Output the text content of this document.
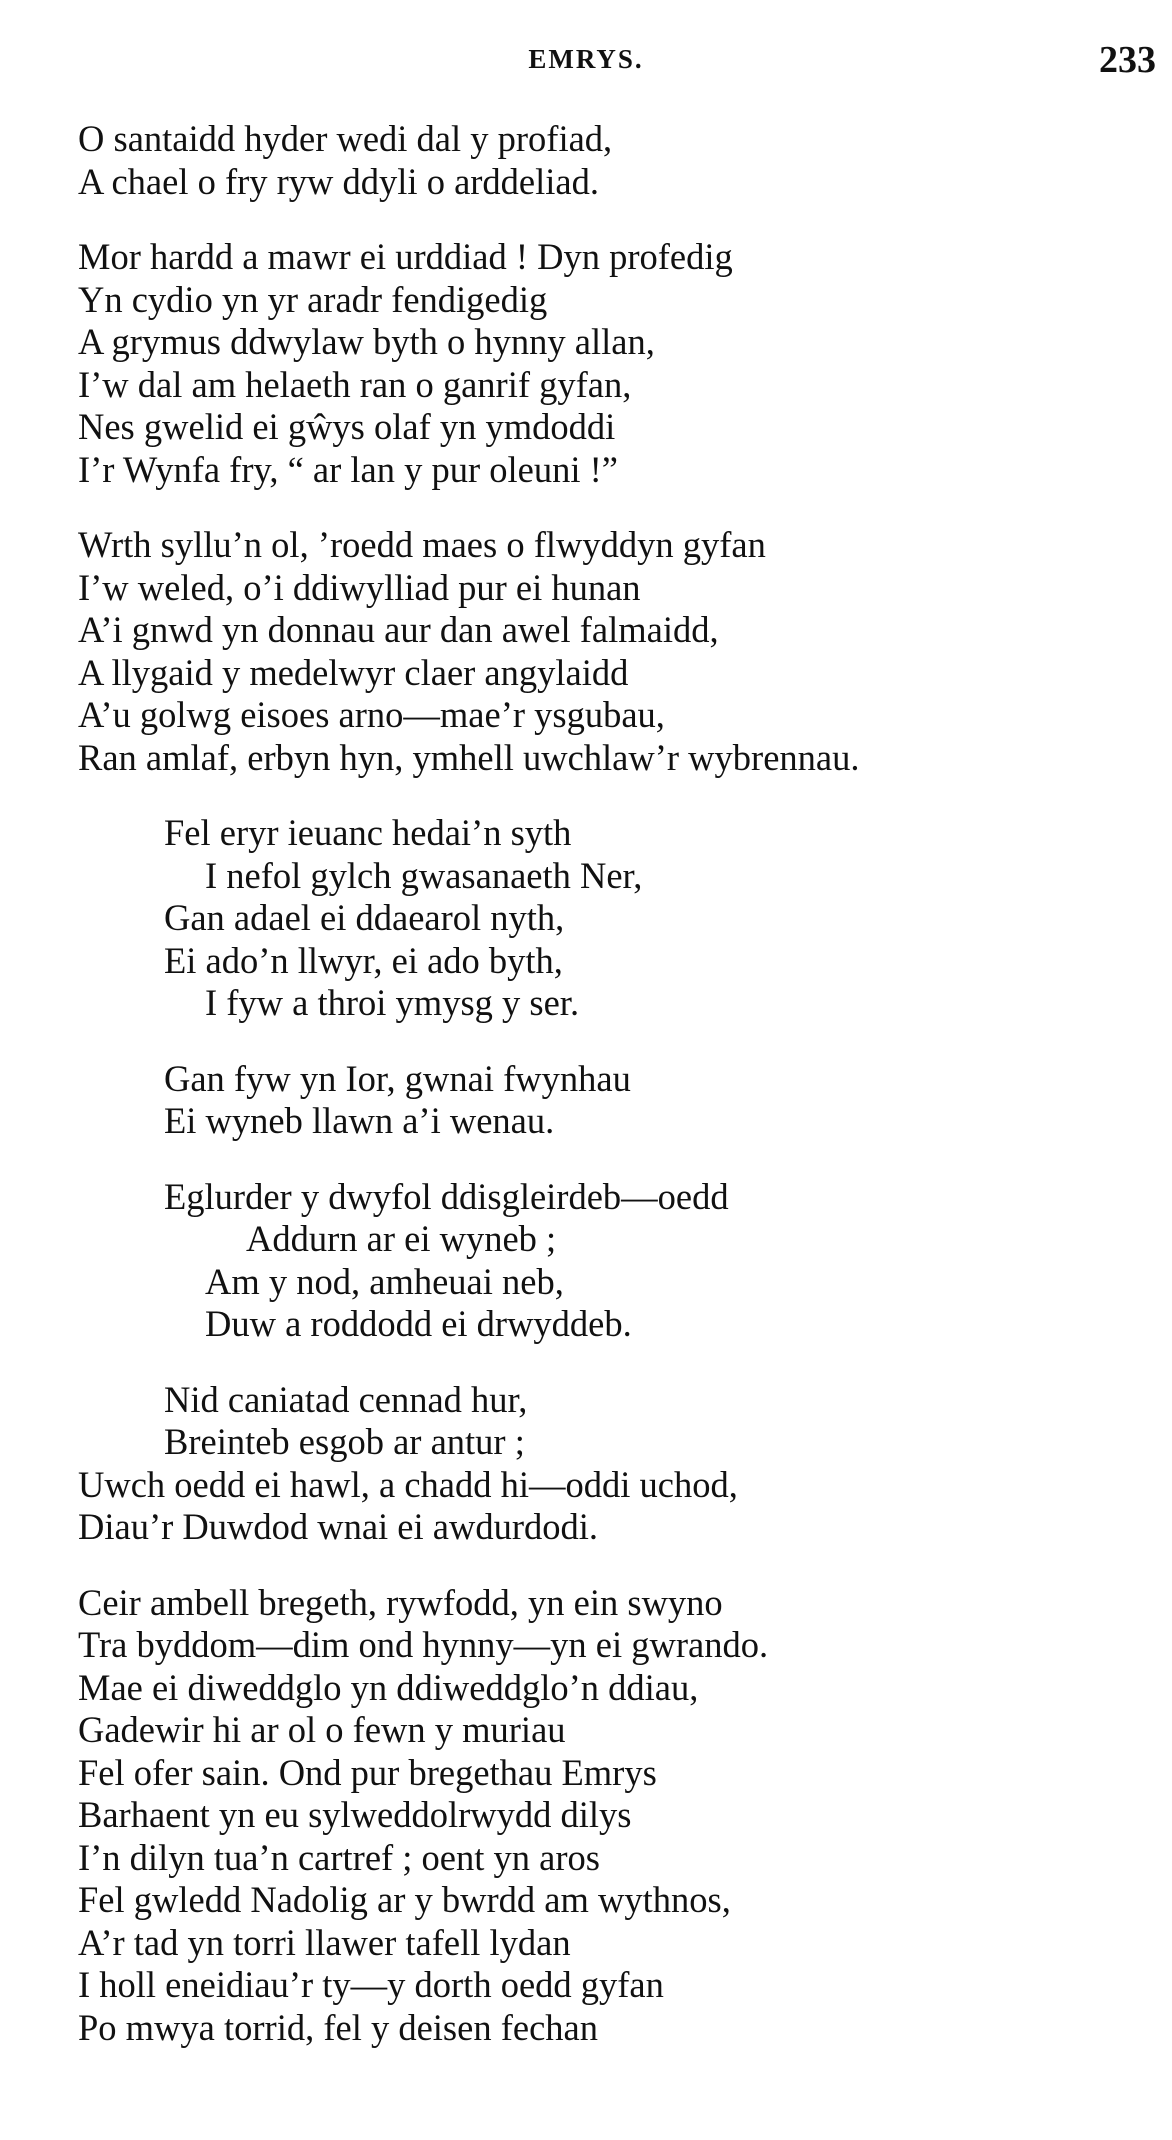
EMRYS.	233
O santaidd hyder wedi dal y profiad,
A chael o fry ryw ddyli o arddeliad.
Mor hardd a mawr ei urddiad ! Dyn profedig
Yn cydio yn yr aradr fendigedig
A grymus ddwylaw byth o hynny allan,
I’w dal am helaeth ran o ganrif gyfan,
Nes gwelid ei gŵys olaf yn ymdoddi
I’r Wynfa fry, “ ar lan y pur oleuni !”
Wrth syllu’n ol, ’roedd maes o flwyddyn gyfan
I’w weled, o’i ddiwylliad pur ei hunan
A’i gnwd yn donnau aur dan awel falmaidd,
A llygaid y medelwyr claer angylaidd
A’u golwg eisoes arno—mae’r ysgubau,
Ran amlaf, erbyn hyn, ymhell uwchlaw’r wybrennau.
Fel eryr ieuanc hedai’n syth
I nefol gylch gwasanaeth Ner,
Gan adael ei ddaearol nyth,
Ei ado’n llwyr, ei ado byth,
I fyw a throi ymysg y ser.
Gan fyw yn Ior, gwnai fwynhau
Ei wyneb llawn a’i wenau.
Eglurder y dwyfol ddisgleirdeb—oedd
Addurn ar ei wyneb ;
Am y nod, amheuai neb,
Duw a roddodd ei drwyddeb.
Nid caniatad cennad hur,
Breinteb esgob ar antur ;
Uwch oedd ei hawl, a chadd hi—oddi uchod,
Diau’r Duwdod wnai ei awdurdodi.
Ceir ambell bregeth, rywfodd, yn ein swyno
Tra byddom—dim ond hynny—yn ei gwrando.
Mae ei diweddglo yn ddiweddglo’n ddiau,
Gadewir hi ar ol o fewn y muriau
Fel ofer sain. Ond pur bregethau Emrys
Barhaent yn eu sylweddolrwydd dilys
I’n dilyn tua’n cartref ; oent yn aros
Fel gwledd Nadolig ar y bwrdd am wythnos,
A’r tad yn torri llawer tafell lydan
I holl eneidiau’r ty—y dorth oedd gyfan
Po mwya torrid, fel y deisen fechan
